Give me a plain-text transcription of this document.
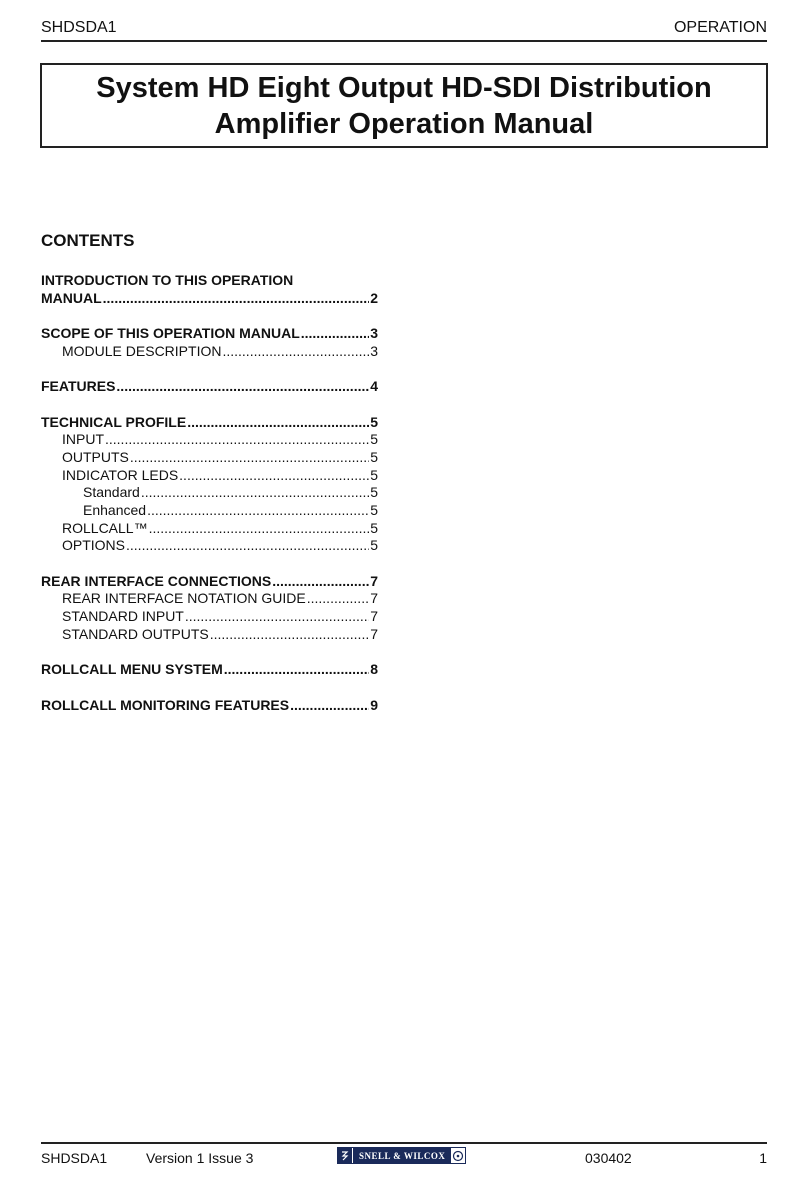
SHDSDA1	OPERATION
System HD Eight Output HD-SDI Distribution
Amplifier Operation Manual
CONTENTS
INTRODUCTION TO THIS OPERATION
MANUAL .....	2
SCOPE OF THIS OPERATION MANUAL .....	3
MODULE DESCRIPTION .....	3
FEATURES .....	4
TECHNICAL PROFILE .....	5
INPUT .....	5
OUTPUTS .....	5
INDICATOR LEDS .....	5
Standard .....	5
Enhanced .....	5
ROLLCALL™ .....	5
OPTIONS .....	5
REAR INTERFACE CONNECTIONS .....	7
REAR INTERFACE NOTATION GUIDE .....	7
STANDARD INPUT .....	7
STANDARD OUTPUTS .....	7
ROLLCALL MENU SYSTEM .....	8
ROLLCALL MONITORING FEATURES .....	9
SHDSDA1	Version 1 Issue 3	SNELL & WILCOX	030402	1
